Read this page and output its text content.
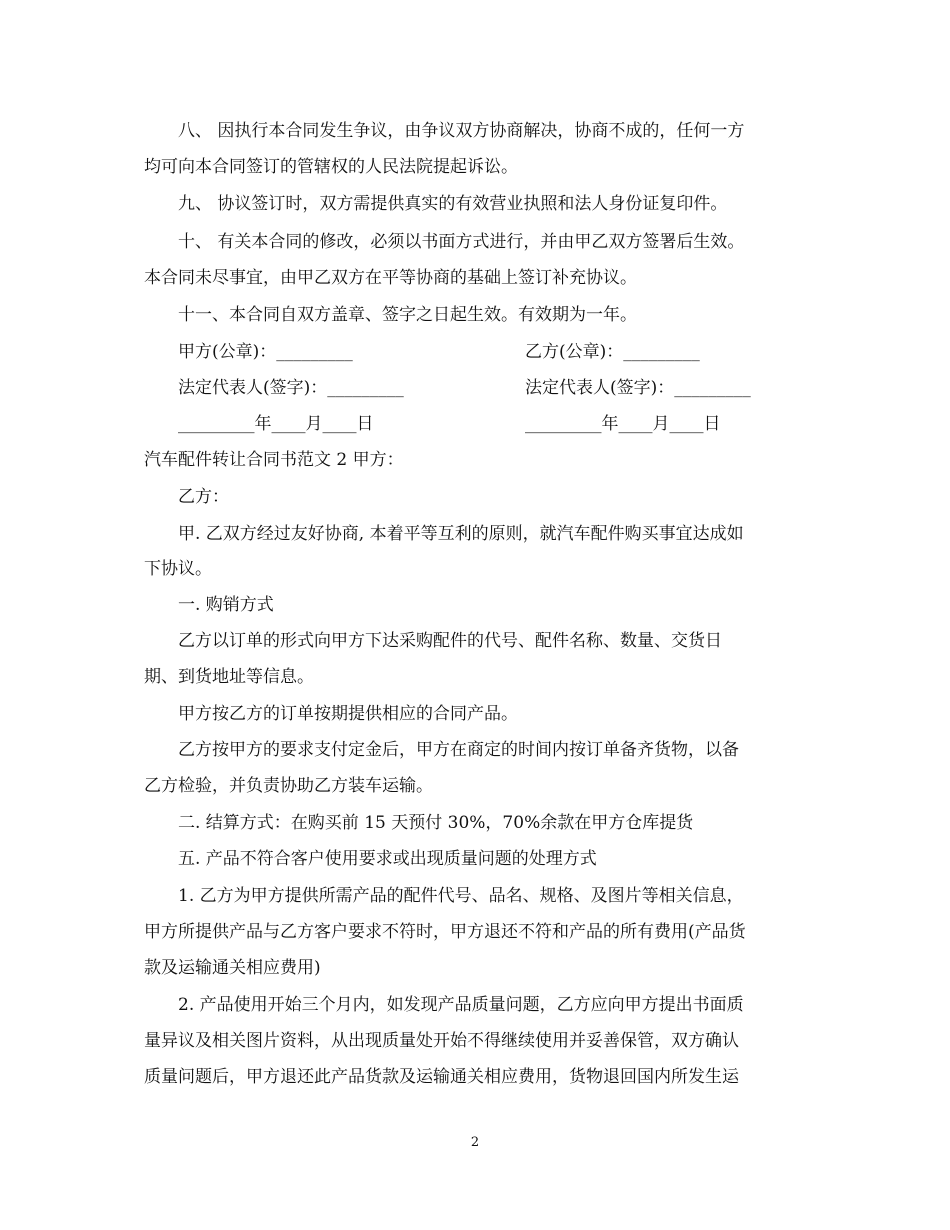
八、 因执行本合同发生争议，由争议双方协商解决，协商不成的，任何一方
均可向本合同签订的管辖权的人民法院提起诉讼。
九、 协议签订时，双方需提供真实的有效营业执照和法人身份证复印件。
十、 有关本合同的修改，必须以书面方式进行，并由甲乙双方签署后生效。
本合同未尽事宜，由甲乙双方在平等协商的基础上签订补充协议。
十一、本合同自双方盖章、签字之日起生效。有效期为一年。
甲方(公章)：_________	乙方(公章)：_________
法定代表人(签字)：_________	法定代表人(签字)：_________
_________年____月____日	_________年____月____日
汽车配件转让合同书范文 2 甲方：
乙方：
甲. 乙双方经过友好协商, 本着平等互利的原则，就汽车配件购买事宜达成如
下协议。
一. 购销方式
乙方以订单的形式向甲方下达采购配件的代号、配件名称、数量、交货日
期、到货地址等信息。
甲方按乙方的订单按期提供相应的合同产品。
乙方按甲方的要求支付定金后，甲方在商定的时间内按订单备齐货物，以备
乙方检验，并负责协助乙方装车运输。
二. 结算方式：在购买前 15 天预付 30%，70%余款在甲方仓库提货
五. 产品不符合客户使用要求或出现质量问题的处理方式
1. 乙方为甲方提供所需产品的配件代号、品名、规格、及图片等相关信息，
甲方所提供产品与乙方客户要求不符时，甲方退还不符和产品的所有费用(产品货
款及运输通关相应费用)
2. 产品使用开始三个月内，如发现产品质量问题，乙方应向甲方提出书面质
量异议及相关图片资料，从出现质量处开始不得继续使用并妥善保管，双方确认
质量问题后，甲方退还此产品货款及运输通关相应费用，货物退回国内所发生运
2
